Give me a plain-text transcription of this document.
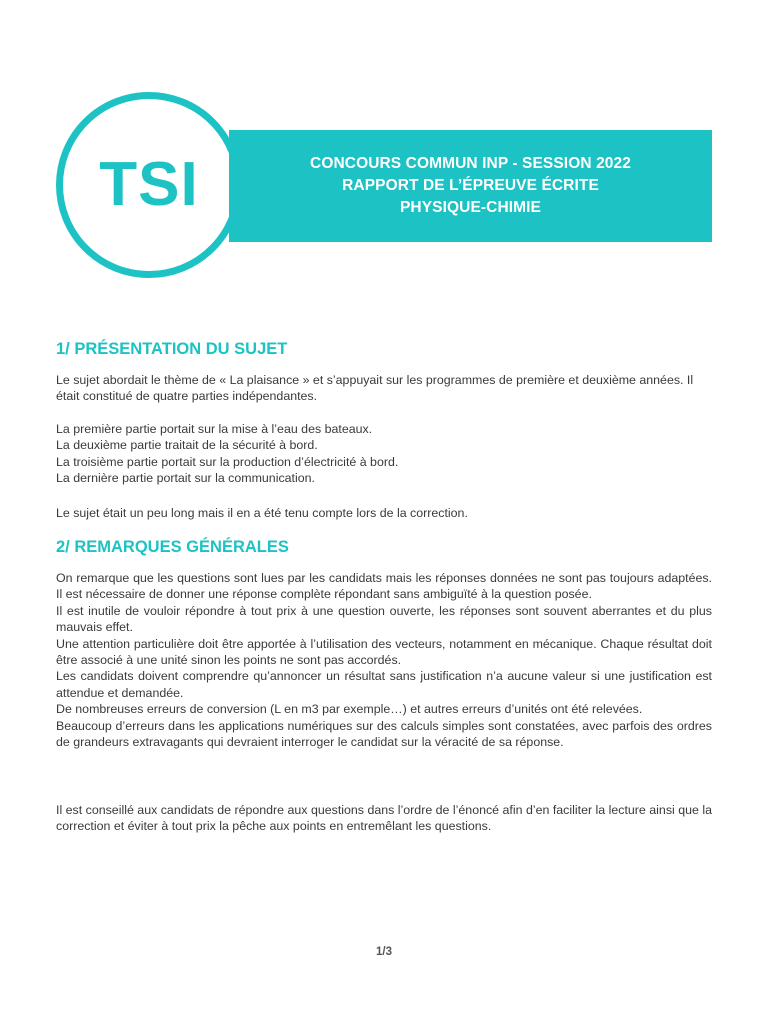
TSI	CONCOURS COMMUN INP - SESSION 2022
RAPPORT DE L’ÉPREUVE ÉCRITE
PHYSIQUE-CHIMIE
1/ PRÉSENTATION DU SUJET

Le sujet abordait le thème de « La plaisance » et s’appuyait sur les programmes de première et deuxième années. Il était constitué de quatre parties indépendantes.

La première partie portait sur la mise à l’eau des bateaux.
La deuxième partie traitait de la sécurité à bord.
La troisième partie portait sur la production d’électricité à bord.
La dernière partie portait sur la communication.

Le sujet était un peu long mais il en a été tenu compte lors de la correction.

2/ REMARQUES GÉNÉRALES
On remarque que les questions sont lues par les candidats mais les réponses données ne sont pas toujours adaptées. Il est nécessaire de donner une réponse complète répondant sans ambiguïté à la question posée.
Il est inutile de vouloir répondre à tout prix à une question ouverte, les réponses sont souvent aberrantes et du plus mauvais effet.
Une attention particulière doit être apportée à l’utilisation des vecteurs, notamment en mécanique. Chaque résultat doit être associé à une unité sinon les points ne sont pas accordés.
Les candidats doivent comprendre qu’annoncer un résultat sans justification n’a aucune valeur si une justification est attendue et demandée.
De nombreuses erreurs de conversion (L en m3 par exemple…) et autres erreurs d’unités ont été relevées.
Beaucoup d’erreurs dans les applications numériques sur des calculs simples sont constatées, avec parfois des ordres de grandeurs extravagants qui devraient interroger le candidat sur la véracité de sa réponse.

Il est conseillé aux candidats de répondre aux questions dans l’ordre de l’énoncé afin d’en faciliter la lecture ainsi que la correction et éviter à tout prix la pêche aux points en entremêlant les questions.

1/3
